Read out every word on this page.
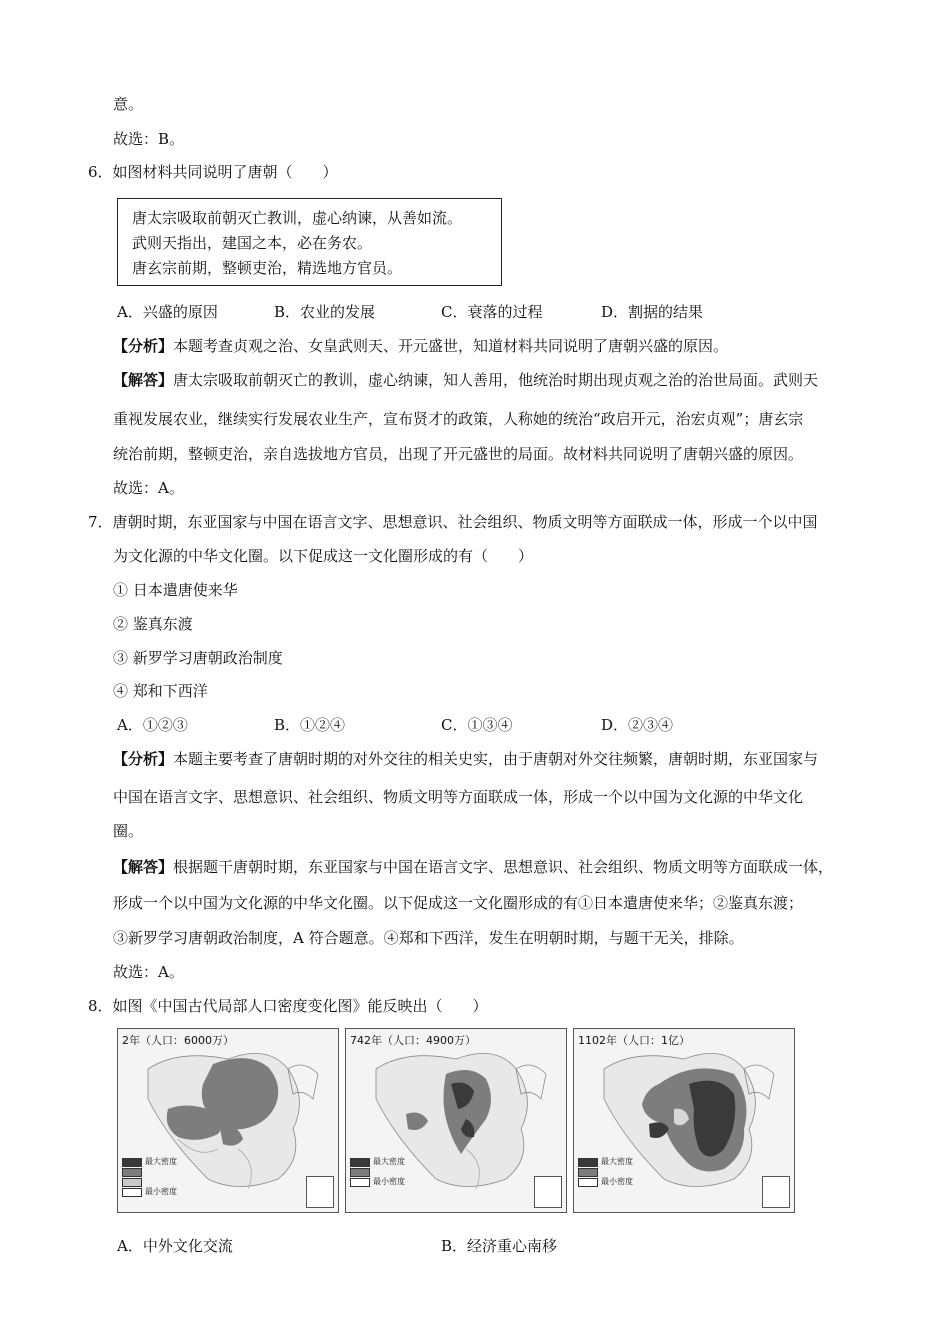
意。
故选：B。
6．如图材料共同说明了唐朝（　　）
唐太宗吸取前朝灭亡教训，虚心纳谏，从善如流。
武则天指出，建国之本，必在务农。
唐玄宗前期，整顿吏治，精选地方官员。
A．兴盛的原因	B．农业的发展	C．衰落的过程	D．割据的结果
【分析】本题考查贞观之治、女皇武则天、开元盛世，知道材料共同说明了唐朝兴盛的原因。
【解答】唐太宗吸取前朝灭亡的教训，虚心纳谏，知人善用，他统治时期出现贞观之治的治世局面。武则天
重视发展农业，继续实行发展农业生产，宣布贤才的政策，人称她的统治“政启开元，治宏贞观”；唐玄宗
统治前期，整顿吏治，亲自选拔地方官员，出现了开元盛世的局面。故材料共同说明了唐朝兴盛的原因。
故选：A。
7．唐朝时期，东亚国家与中国在语言文字、思想意识、社会组织、物质文明等方面联成一体，形成一个以中国
为文化源的中华文化圈。以下促成这一文化圈形成的有（　　）
① 日本遣唐使来华
② 鉴真东渡
③ 新罗学习唐朝政治制度
④ 郑和下西洋
A．①②③	B．①②④	C．①③④	D．②③④
【分析】本题主要考查了唐朝时期的对外交往的相关史实，由于唐朝对外交往频繁，唐朝时期，东亚国家与
中国在语言文字、思想意识、社会组织、物质文明等方面联成一体，形成一个以中国为文化源的中华文化
圈。
【解答】根据题干唐朝时期，东亚国家与中国在语言文字、思想意识、社会组织、物质文明等方面联成一体，
形成一个以中国为文化源的中华文化圈。以下促成这一文化圈形成的有①日本遣唐使来华；②鉴真东渡；
③新罗学习唐朝政治制度，A 符合题意。④郑和下西洋，发生在明朝时期，与题干无关，排除。
故选：A。
8．如图《中国古代局部人口密度变化图》能反映出（　　）
2年（人口：6000万）
最大密度
最小密度
742年（人口：4900万）
最大密度
最小密度
1102年（人口：1亿）
最大密度
最小密度
A．中外文化交流	B．经济重心南移
